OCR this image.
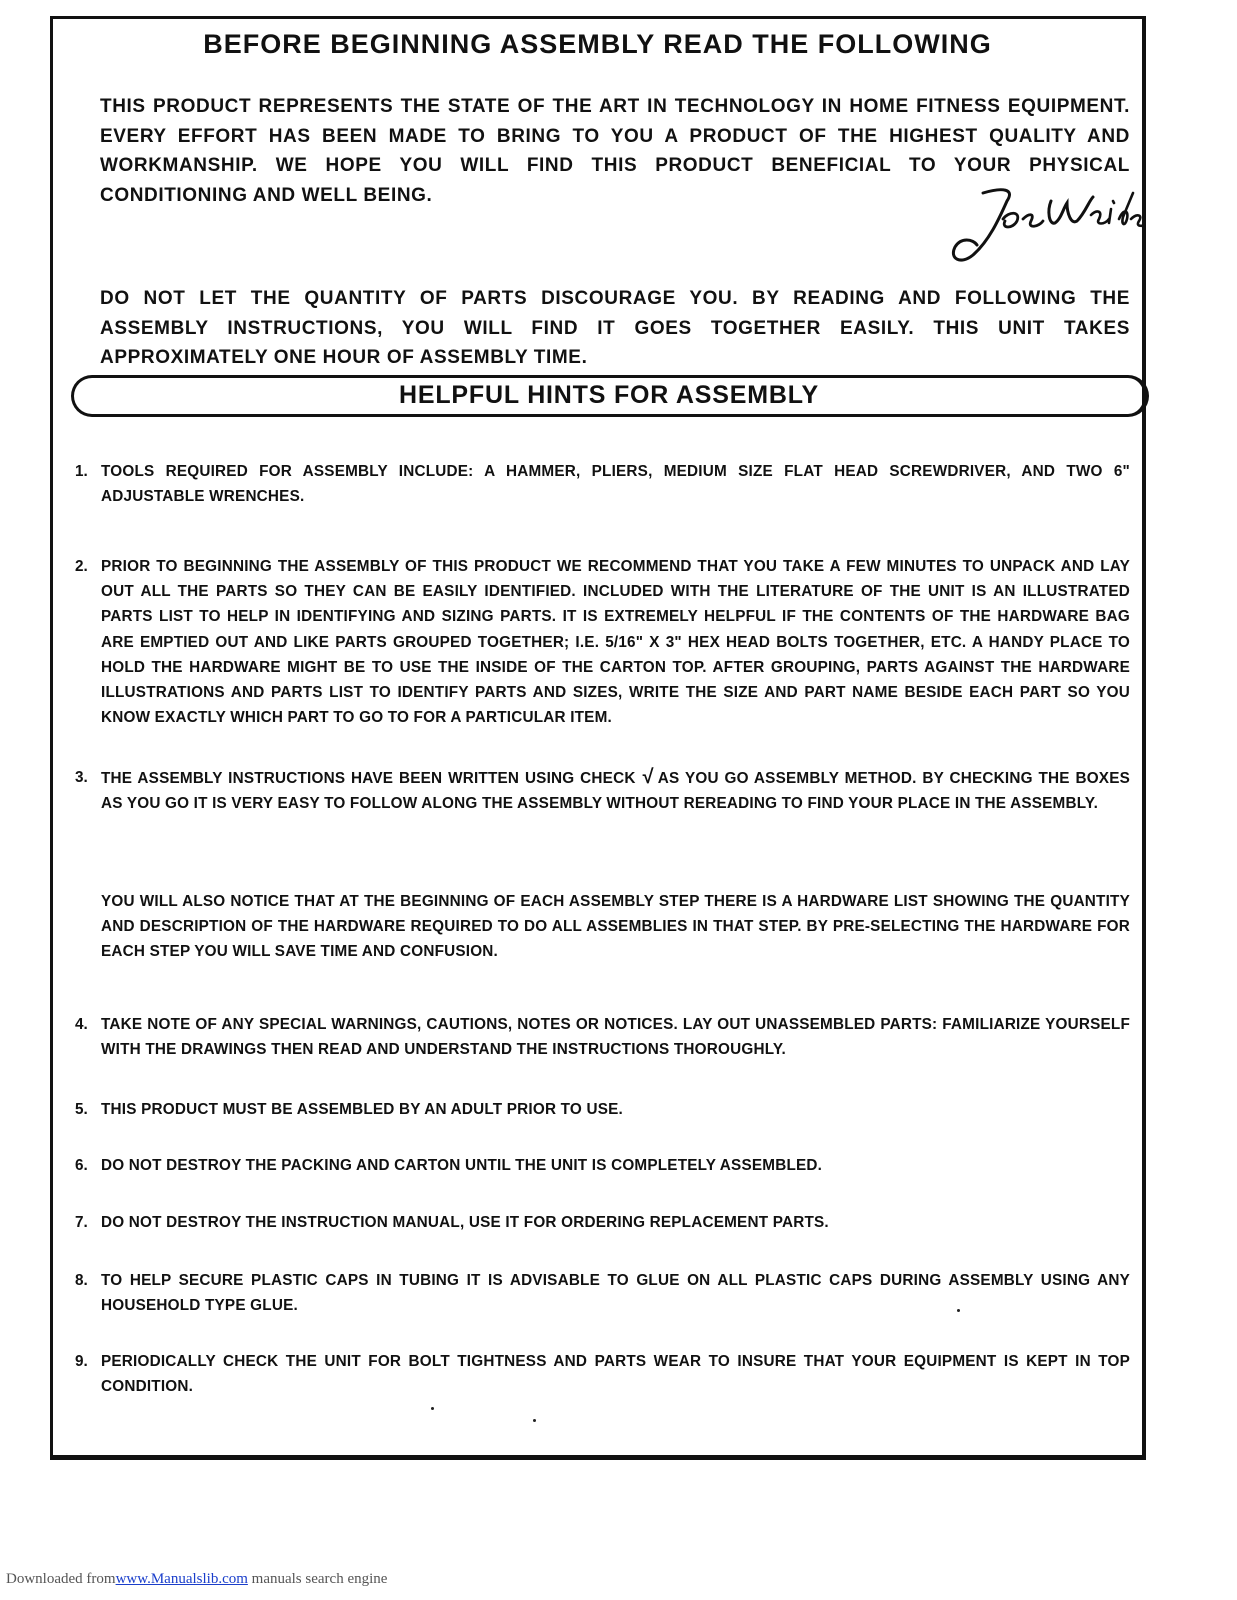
BEFORE BEGINNING ASSEMBLY READ THE FOLLOWING
THIS PRODUCT REPRESENTS THE STATE OF THE ART IN TECHNOLOGY IN HOME FITNESS EQUIPMENT. EVERY EFFORT HAS BEEN MADE TO BRING TO YOU A PRODUCT OF THE HIGHEST QUALITY AND WORKMANSHIP. WE HOPE YOU WILL FIND THIS PRODUCT BENEFICIAL TO YOUR PHYSICAL CONDITIONING AND WELL BEING.
DO NOT LET THE QUANTITY OF PARTS DISCOURAGE YOU. BY READING AND FOLLOWING THE ASSEMBLY INSTRUCTIONS, YOU WILL FIND IT GOES TOGETHER EASILY. THIS UNIT TAKES APPROXIMATELY ONE HOUR OF ASSEMBLY TIME.
HELPFUL HINTS FOR ASSEMBLY
1. TOOLS REQUIRED FOR ASSEMBLY INCLUDE: A HAMMER, PLIERS, MEDIUM SIZE FLAT HEAD SCREWDRIVER, AND TWO 6" ADJUSTABLE WRENCHES.
2. PRIOR TO BEGINNING THE ASSEMBLY OF THIS PRODUCT WE RECOMMEND THAT YOU TAKE A FEW MINUTES TO UNPACK AND LAY OUT ALL THE PARTS SO THEY CAN BE EASILY IDENTIFIED. INCLUDED WITH THE LITERATURE OF THE UNIT IS AN ILLUSTRATED PARTS LIST TO HELP IN IDENTIFYING AND SIZING PARTS. IT IS EXTREMELY HELPFUL IF THE CONTENTS OF THE HARDWARE BAG ARE EMPTIED OUT AND LIKE PARTS GROUPED TOGETHER; I.E. 5/16" X 3" HEX HEAD BOLTS TOGETHER, ETC. A HANDY PLACE TO HOLD THE HARDWARE MIGHT BE TO USE THE INSIDE OF THE CARTON TOP. AFTER GROUPING, PARTS AGAINST THE HARDWARE ILLUSTRATIONS AND PARTS LIST TO IDENTIFY PARTS AND SIZES, WRITE THE SIZE AND PART NAME BESIDE EACH PART SO YOU KNOW EXACTLY WHICH PART TO GO TO FOR A PARTICULAR ITEM.
3. THE ASSEMBLY INSTRUCTIONS HAVE BEEN WRITTEN USING CHECK √ AS YOU GO ASSEMBLY METHOD. BY CHECKING THE BOXES AS YOU GO IT IS VERY EASY TO FOLLOW ALONG THE ASSEMBLY WITHOUT REREADING TO FIND YOUR PLACE IN THE ASSEMBLY.
YOU WILL ALSO NOTICE THAT AT THE BEGINNING OF EACH ASSEMBLY STEP THERE IS A HARDWARE LIST SHOWING THE QUANTITY AND DESCRIPTION OF THE HARDWARE REQUIRED TO DO ALL ASSEMBLIES IN THAT STEP. BY PRE-SELECTING THE HARDWARE FOR EACH STEP YOU WILL SAVE TIME AND CONFUSION.
4. TAKE NOTE OF ANY SPECIAL WARNINGS, CAUTIONS, NOTES OR NOTICES. LAY OUT UNASSEMBLED PARTS: FAMILIARIZE YOURSELF WITH THE DRAWINGS THEN READ AND UNDERSTAND THE INSTRUCTIONS THOROUGHLY.
5. THIS PRODUCT MUST BE ASSEMBLED BY AN ADULT PRIOR TO USE.
6. DO NOT DESTROY THE PACKING AND CARTON UNTIL THE UNIT IS COMPLETELY ASSEMBLED.
7. DO NOT DESTROY THE INSTRUCTION MANUAL, USE IT FOR ORDERING REPLACEMENT PARTS.
8. TO HELP SECURE PLASTIC CAPS IN TUBING IT IS ADVISABLE TO GLUE ON ALL PLASTIC CAPS DURING ASSEMBLY USING ANY HOUSEHOLD TYPE GLUE.
9. PERIODICALLY CHECK THE UNIT FOR BOLT TIGHTNESS AND PARTS WEAR TO INSURE THAT YOUR EQUIPMENT IS KEPT IN TOP CONDITION.
Downloaded fromwww.Manualslib.com manuals search engine
